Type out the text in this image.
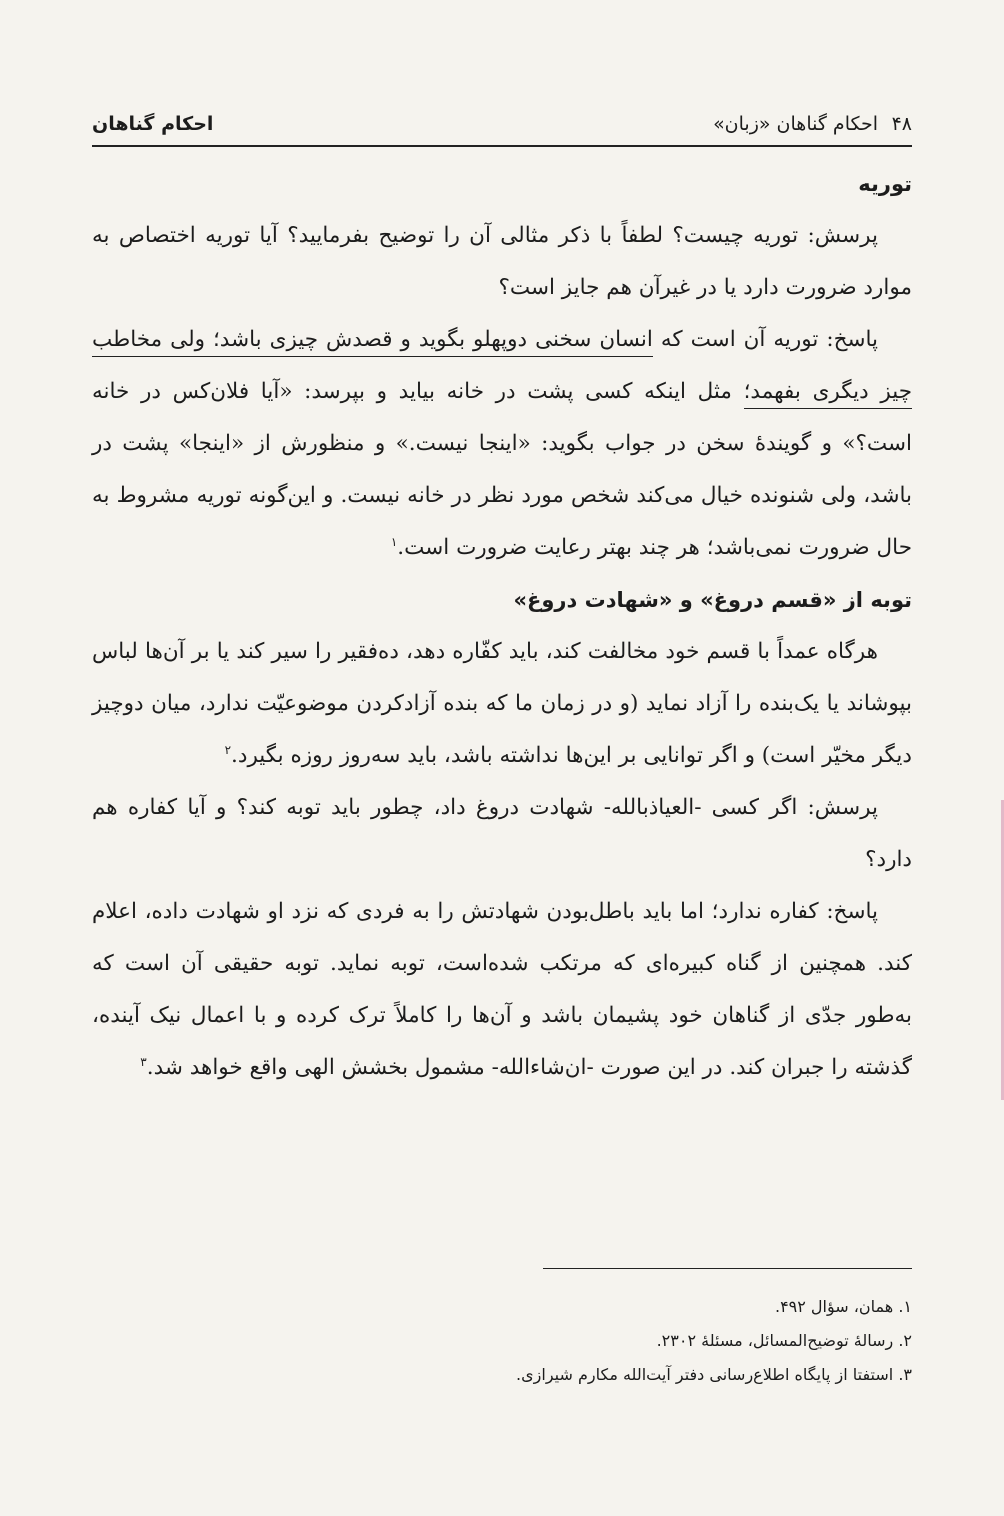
۴۸
احکام گناهان «زبان»
احکام گناهان

توریه

پرسش: توریه چیست؟ لطفاً با ذکر مثالی آن را توضیح بفرمایید؟ آیا توریه اختصاص به موارد ضرورت دارد یا در غیرآن هم جایز است؟

پاسخ: توریه آن است که انسان سخنی دوپهلو بگوید و قصدش چیزی باشد؛ ولی مخاطب چیز دیگری بفهمد؛ مثل اینکه کسی پشت در خانه بیاید و بپرسد: «آیا فلان‌کس در خانه است؟» و گوینده‌ٔ سخن در جواب بگوید: «اینجا نیست.» و منظورش از «اینجا» پشت در باشد، ولی شنونده خیال می‌کند شخص مورد نظر در خانه نیست. و این‌گونه توریه مشروط به حال ضرورت نمی‌باشد؛ هر چند بهتر رعایت ضرورت است.$^۱$

توبه از «قسم دروغ» و «شهادت دروغ»

هرگاه عمداً با قسم خود مخالفت کند، باید کفّاره دهد، ده‌فقیر را سیر کند یا بر آن‌ها لباس بپوشاند یا یک‌بنده را آزاد نماید (و در زمان ما که بنده آزادکردن موضوعیّت ندارد، میان دوچیز دیگر مخیّر است) و اگر توانایی بر این‌ها نداشته باشد، باید سه‌روز روزه بگیرد.$^۲$

پرسش: اگر کسی -العیاذبالله- شهادت دروغ داد، چطور باید توبه کند؟ و آیا کفاره هم دارد؟

پاسخ: کفاره ندارد؛ اما باید باطل‌بودن شهادتش را به فردی که نزد او شهادت داده، اعلام کند. همچنین از گناه کبیره‌ای که مرتکب شده‌است، توبه نماید. توبه حقیقی آن است که به‌طور جدّی از گناهان خود پشیمان باشد و آن‌ها را کاملاً ترک کرده و با اعمال نیک آینده، گذشته را جبران کند. در این صورت -ان‌شاءالله- مشمول بخشش الهی واقع خواهد شد.$^۳$

۱. همان، سؤال ۴۹۲.
۲. رسالهٔ توضیح‌المسائل، مسئلهٔ ۲۳۰۲.
۳. استفتا از پایگاه اطلاع‌رسانی دفتر آیت‌الله مکارم شیرازی.
